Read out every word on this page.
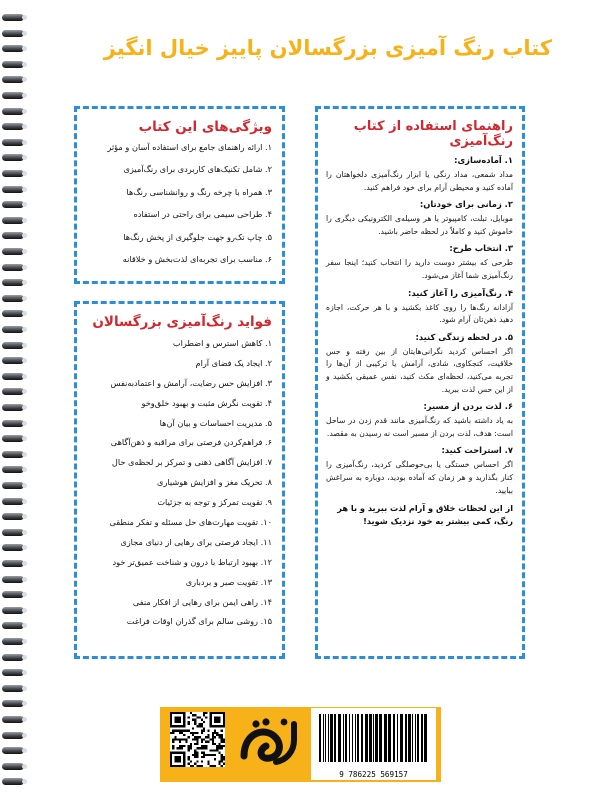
کتاب رنگ آمیزی بزرگسالان پاییز خیال انگیز
ویژگی‌های این کتاب
۱. ارائه راهنمای جامع برای استفاده آسان و مؤثر
۲. شامل تکنیک‌های کاربردی برای رنگ‌آمیزی
۳. همراه با چرخه رنگ و روانشناسی رنگ‌ها
۴. طراحی سیمی برای راحتی در استفاده
۵. چاپ تک‌رو جهت جلوگیری از پخش رنگ‌ها
۶. مناسب برای تجربه‌ای لذت‌بخش و خلاقانه
فواید رنگ‌آمیزی بزرگسالان
۱. کاهش استرس و اضطراب
۲. ایجاد یک فضای آرام
۳. افزایش حس رضایت، آرامش و اعتماد‌به‌نفس
۴. تقویت نگرش مثبت و بهبود خلق‌وخو
۵. مدیریت احساسات و بیان آن‌ها
۶. فراهم‌کردن فرصتی برای مراقبه و ذهن‌آگاهی
۷. افزایش آگاهی ذهنی و تمرکز بر لحظه‌ی حال
۸. تحریک مغز و افزایش هوشیاری
۹. تقویت تمرکز و توجه به جزئیات
۱۰. تقویت مهارت‌های حل مسئله و تفکر منطقی
۱۱. ایجاد فرصتی برای رهایی از دنیای مجازی
۱۲. بهبود ارتباط با درون و شناخت عمیق‌تر خود
۱۳. تقویت صبر و بردباری
۱۴. راهی ایمن برای رهایی از افکار منفی
۱۵. روشی سالم برای گذران اوقات فراغت
راهنمای استفاده از کتاب رنگ‌آمیزی
۱. آماده‌سازی:

مداد شمعی، مداد رنگی یا ابزار رنگ‌آمیزی دلخواهتان را آماده کنید و محیطی آرام برای خود فراهم کنید.

۲. زمانی برای خودتان:

موبایل، تبلت، کامپیوتر یا هر وسیله‌ی الکترونیکی دیگری را خاموش کنید و کاملاً در لحظه حاضر باشید.

۳. انتخاب طرح:

طرحی که بیشتر دوست دارید را انتخاب کنید؛ اینجا سفر رنگ‌آمیزی شما آغاز می‌شود.

۴. رنگ‌آمیزی را آغاز کنید:

آزادانه رنگ‌ها را روی کاغذ بکشید و با هر حرکت، اجازه دهید ذهن‌تان آرام شود.

۵. در لحظه زندگی کنید:

اگر احساس کردید نگرانی‌هایتان از بین رفته و حس خلاقیت، کنجکاوی، شادی، آرامش یا ترکیبی از آن‌ها را تجربه می‌کنید، لحظه‌ای مکث کنید، نفس عمیقی بکشید و از این حس لذت ببرید.

۶. لذت بردن از مسیر:

به یاد داشته باشید که رنگ‌آمیزی مانند قدم زدن در ساحل است: هدف، لذت بردن از مسیر است نه رسیدن به مقصد.

۷. استراحت کنید:

اگر احساس خستگی یا بی‌حوصلگی کردید، رنگ‌آمیزی را کنار بگذارید و هر زمان که آماده بودید، دوباره به سراغش بیایید.

از این لحظات خلاق و آرام لذت ببرید و با هر رنگ، کمی بیشتر به خود نزدیک شوید!
9 786225 569157
